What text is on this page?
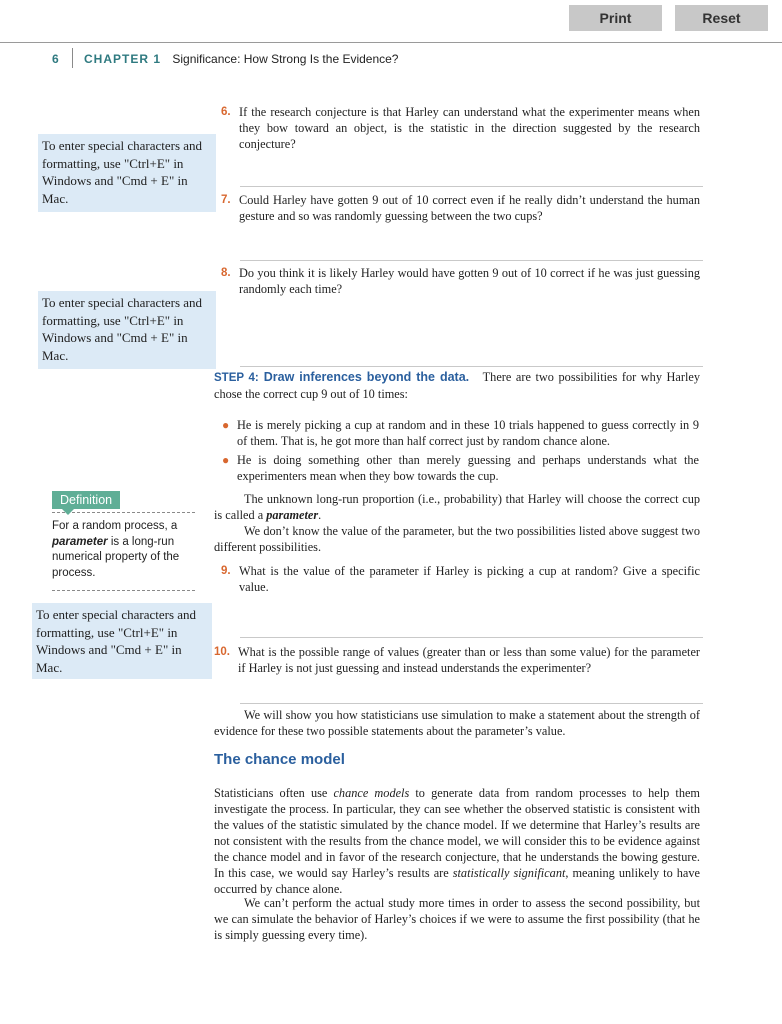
Print	Reset
6 CHAPTER 1 Significance: How Strong Is the Evidence?
To enter special characters and
formatting, use "Ctrl+E" in
Windows and "Cmd + E" in
Mac.
To enter special characters and
formatting, use "Ctrl+E" in
Windows and "Cmd + E" in
Mac.
To enter special characters and
formatting, use "Ctrl+E" in
Windows and "Cmd + E" in
Mac.
Definition
For a random process, a parameter is a long-run numerical property of the process.
6. If the research conjecture is that Harley can understand what the experimenter means when they bow toward an object, is the statistic in the direction suggested by the research conjecture?
7. Could Harley have gotten 9 out of 10 correct even if he really didn’t understand the human gesture and so was randomly guessing between the two cups?
8. Do you think it is likely Harley would have gotten 9 out of 10 correct if he was just guessing randomly each time?
STEP 4: Draw inferences beyond the data. There are two possibilities for why Harley chose the correct cup 9 out of 10 times:
● He is merely picking a cup at random and in these 10 trials happened to guess correctly in 9 of them. That is, he got more than half correct just by random chance alone.
● He is doing something other than merely guessing and perhaps understands what the experimenters mean when they bow towards the cup.
The unknown long-run proportion (i.e., probability) that Harley will choose the correct cup is called a parameter.
We don’t know the value of the parameter, but the two possibilities listed above suggest two different possibilities.
9. What is the value of the parameter if Harley is picking a cup at random? Give a specific value.
10. What is the possible range of values (greater than or less than some value) for the parameter if Harley is not just guessing and instead understands the experimenter?
We will show you how statisticians use simulation to make a statement about the strength of evidence for these two possible statements about the parameter’s value.
The chance model
Statisticians often use chance models to generate data from random processes to help them investigate the process. In particular, they can see whether the observed statistic is consistent with the values of the statistic simulated by the chance model. If we determine that Harley’s results are not consistent with the results from the chance model, we will consider this to be evidence against the chance model and in favor of the research conjecture, that he understands the bowing gesture. In this case, we would say Harley’s results are statistically significant, meaning unlikely to have occurred by chance alone.
We can’t perform the actual study more times in order to assess the second possibility, but we can simulate the behavior of Harley’s choices if we were to assume the first possibility (that he is simply guessing every time).
